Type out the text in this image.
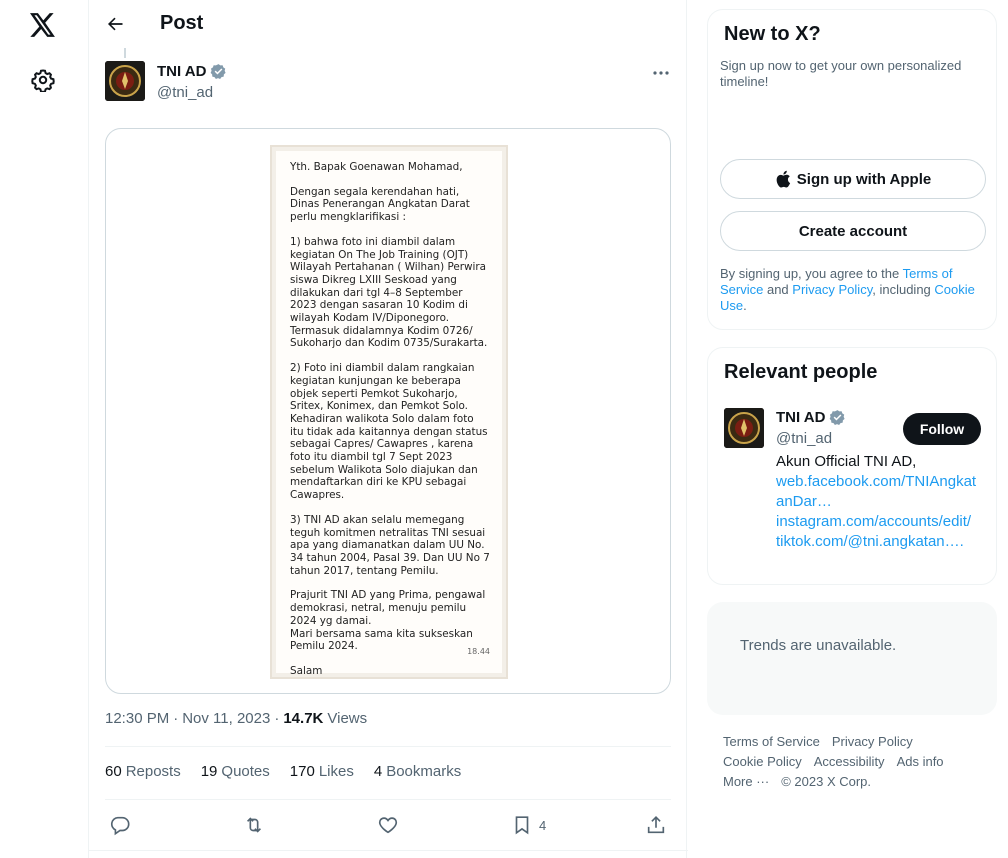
Post
TNI AD
@tni_ad

Yth. Bapak Goenawan Mohamad,

Dengan segala kerendahan hati, Dinas Penerangan Angkatan Darat perlu mengklarifikasi :

1) bahwa foto ini diambil dalam kegiatan On The Job Training (OJT) Wilayah Pertahanan ( Wilhan) Perwira siswa Dikreg LXIII Seskoad yang dilakukan dari tgl 4–8 September 2023 dengan sasaran 10 Kodim di wilayah Kodam IV/Diponegoro. Termasuk didalamnya Kodim 0726/ Sukoharjo dan Kodim 0735/Surakarta.

2) Foto ini diambil dalam rangkaian kegiatan kunjungan ke beberapa objek seperti Pemkot Sukoharjo, Sritex, Konimex, dan Pemkot Solo. Kehadiran walikota Solo dalam foto itu tidak ada kaitannya dengan status sebagai Capres/ Cawapres , karena foto itu diambil tgl 7 Sept 2023 sebelum Walikota Solo diajukan dan mendaftarkan diri ke KPU sebagai Cawapres.

3) TNI AD akan selalu memegang teguh komitmen netralitas TNI sesuai apa yang diamanatkan dalam UU No. 34 tahun 2004, Pasal 39. Dan UU No 7 tahun 2017, tentang Pemilu.

Prajurit TNI AD yang Prima, pengawal demokrasi, netral, menuju pemilu 2024 yg damai.
Mari bersama sama kita sukseskan Pemilu 2024.

Salam

18.44
12:30 PM · Nov 11, 2023 · 14.7K Views
60 Reposts 19 Quotes 170 Likes 4 Bookmarks
4
New to X?
Sign up now to get your own personalized timeline!
Sign up with Apple
Create account
By signing up, you agree to the Terms of Service and Privacy Policy, including Cookie Use.
Relevant people
TNI AD
@tni_ad
Follow
Akun Official TNI AD,
web.facebook.com/TNIAngkatanDar…
instagram.com/accounts/edit/
tiktok.com/@tni.angkatan….
Trends are unavailable.
Terms of Service Privacy Policy
Cookie Policy Accessibility Ads info
More ··· © 2023 X Corp.
